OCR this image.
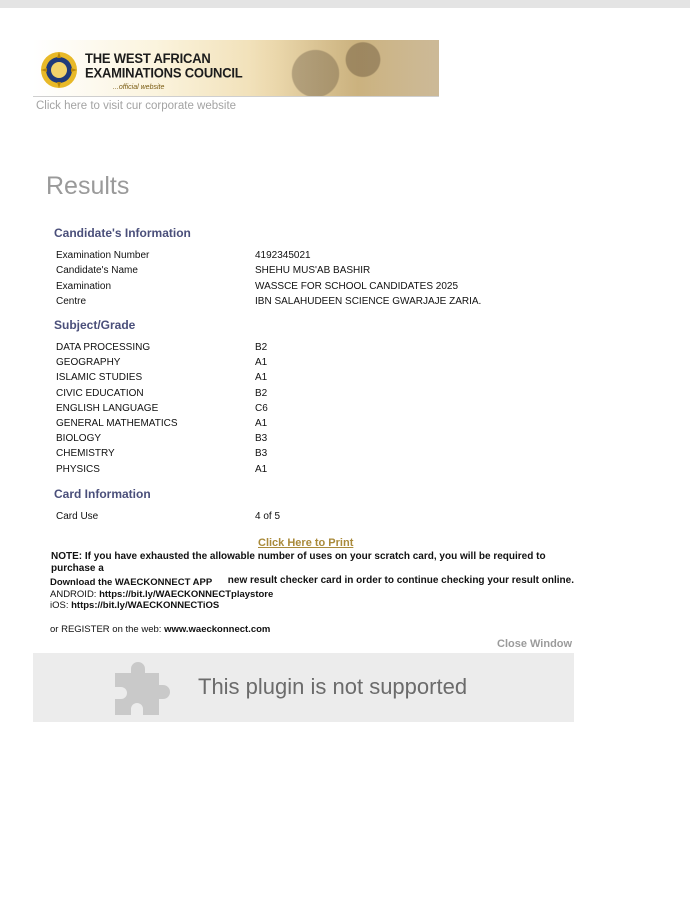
THE WEST AFRICAN
EXAMINATIONS COUNCIL
...official website
Click here to visit cur corporate website
Results
Candidate's Information
Examination Number	4192345021
Candidate's Name	SHEHU MUS'AB BASHIR
Examination	WASSCE FOR SCHOOL CANDIDATES 2025
Centre	IBN SALAHUDEEN SCIENCE GWARJAJE ZARIA.
Subject/Grade
DATA PROCESSING	B2
GEOGRAPHY	A1
ISLAMIC STUDIES	A1
CIVIC EDUCATION	B2
ENGLISH LANGUAGE	C6
GENERAL MATHEMATICS	A1
BIOLOGY	B3
CHEMISTRY	B3
PHYSICS	A1
Card Information
Card Use	4 of 5
Click Here to Print
NOTE: If you have exhausted the allowable number of uses on your scratch card, you will be required to purchase a
new result checker card in order to continue checking your result online.
Download the WAECKONNECT APP
ANDROID: https://bit.ly/WAECKONNECTplaystore
iOS: https://bit.ly/WAECKONNECTiOS
or REGISTER on the web: www.waeckonnect.com
Close Window
This plugin is not supported
